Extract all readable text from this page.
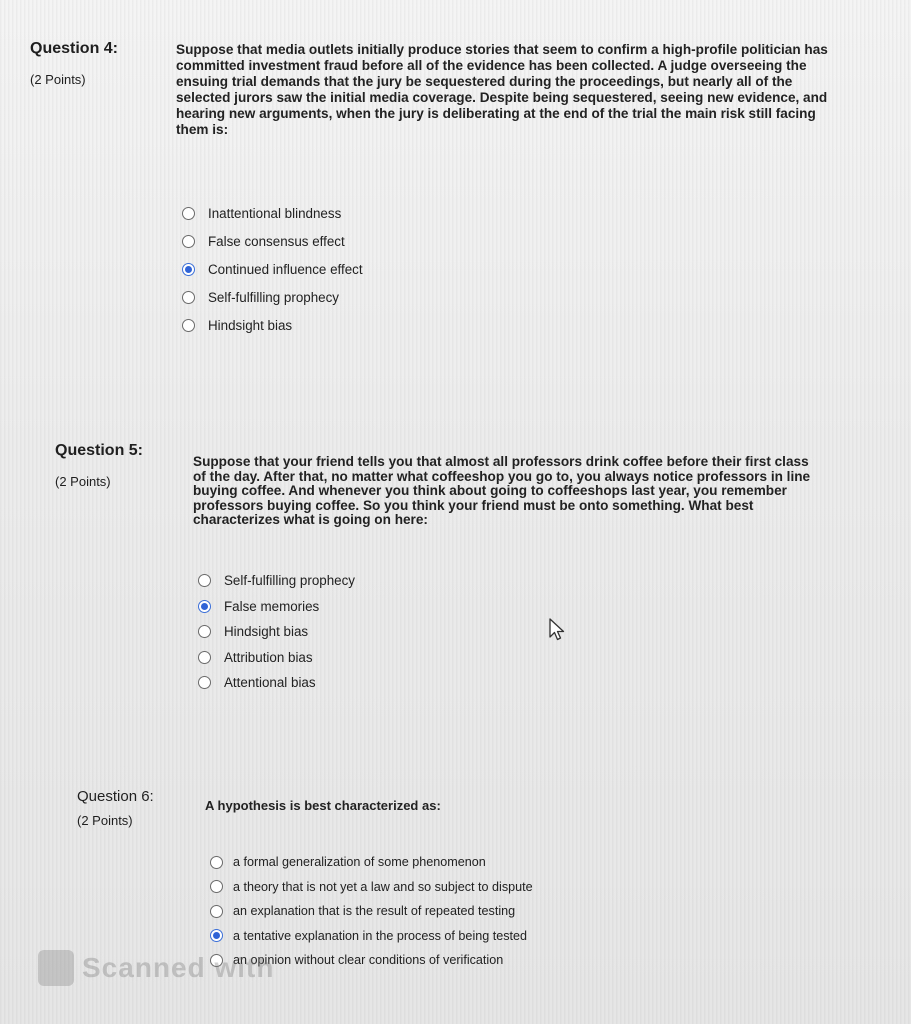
Question 4:

(2 Points)
Suppose that media outlets initially produce stories that seem to confirm a high-profile politician has committed investment fraud before all of the evidence has been collected. A judge overseeing the ensuing trial demands that the jury be sequestered during the proceedings, but nearly all of the selected jurors saw the initial media coverage. Despite being sequestered, seeing new evidence, and hearing new arguments, when the jury is deliberating at the end of the trial the main risk still facing them is:
Inattentional blindness
False consensus effect
Continued influence effect
Self-fulfilling prophecy
Hindsight bias

Question 5:

(2 Points)
Suppose that your friend tells you that almost all professors drink coffee before their first class of the day. After that, no matter what coffeeshop you go to, you always notice professors in line buying coffee. And whenever you think about going to coffeeshops last year, you remember professors buying coffee. So you think your friend must be onto something. What best characterizes what is going on here:
Self-fulfilling prophecy
False memories
Hindsight bias
Attribution bias
Attentional bias

Question 6:

(2 Points)
A hypothesis is best characterized as:
a formal generalization of some phenomenon
a theory that is not yet a law and so subject to dispute
an explanation that is the result of repeated testing
a tentative explanation in the process of being tested
an opinion without clear conditions of verification
Scanned with
